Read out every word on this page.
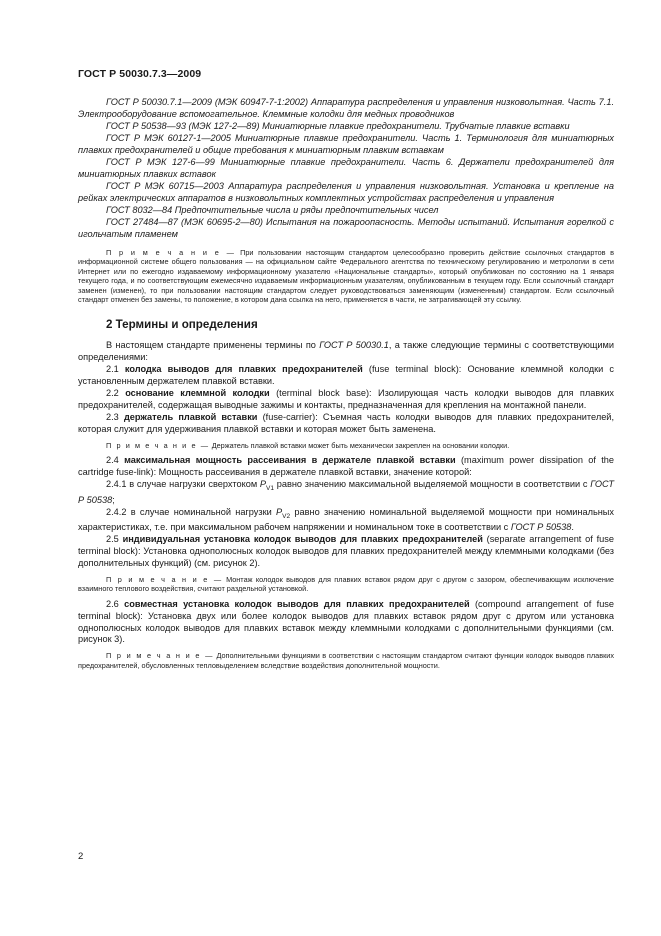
ГОСТ Р 50030.7.3—2009

ГОСТ Р 50030.7.1—2009 (МЭК 60947-7-1:2002) Аппаратура распределения и управления низковольтная. Часть 7.1. Электрооборудование вспомогательное. Клеммные колодки для медных проводников

ГОСТ Р 50538—93 (МЭК 127-2—89) Миниатюрные плавкие предохранители. Трубчатые плавкие вставки

ГОСТ Р МЭК 60127-1—2005 Миниатюрные плавкие предохранители. Часть 1. Терминология для миниатюрных плавких предохранителей и общие требования к миниатюрным плавким вставкам

ГОСТ Р МЭК 127-6—99 Миниатюрные плавкие предохранители. Часть 6. Держатели предохранителей для миниатюрных плавких вставок

ГОСТ Р МЭК 60715—2003 Аппаратура распределения и управления низковольтная. Установка и крепление на рейках электрических аппаратов в низковольтных комплектных устройствах распределения и управления

ГОСТ 8032—84 Предпочтительные числа и ряды предпочтительных чисел

ГОСТ 27484—87 (МЭК 60695-2—80) Испытания на пожароопасность. Методы испытаний. Испытания горелкой с игольчатым пламенем

П р и м е ч а н и е — При пользовании настоящим стандартом целесообразно проверить действие ссылочных стандартов в информационной системе общего пользования — на официальном сайте Федерального агентства по техническому регулированию и метрологии в сети Интернет или по ежегодно издаваемому информационному указателю «Национальные стандарты», который опубликован по состоянию на 1 января текущего года, и по соответствующим ежемесячно издаваемым информационным указателям, опубликованным в текущем году. Если ссылочный стандарт заменен (изменен), то при пользовании настоящим стандартом следует руководствоваться заменяющим (измененным) стандартом. Если ссылочный стандарт отменен без замены, то положение, в котором дана ссылка на него, применяется в части, не затрагивающей эту ссылку.

2 Термины и определения

В настоящем стандарте применены термины по ГОСТ Р 50030.1, а также следующие термины с соответствующими определениями:

2.1 колодка выводов для плавких предохранителей (fuse terminal block): Основание клеммной колодки с установленным держателем плавкой вставки.

2.2 основание клеммной колодки (terminal block base): Изолирующая часть колодки выводов для плавких предохранителей, содержащая выводные зажимы и контакты, предназначенная для крепления на монтажной панели.

2.3 держатель плавкой вставки (fuse-carrier): Съемная часть колодки выводов для плавких предохранителей, которая служит для удерживания плавкой вставки и которая может быть заменена.

П р и м е ч а н и е — Держатель плавкой вставки может быть механически закреплен на основании колодки.

2.4 максимальная мощность рассеивания в держателе плавкой вставки (maximum power dissipation of the cartridge fuse-link): Мощность рассеивания в держателе плавкой вставки, значение которой:

2.4.1 в случае нагрузки сверхтоком $P_{V1}$ равно значению максимальной выделяемой мощности в соответствии с ГОСТ Р 50538;

2.4.2 в случае номинальной нагрузки $P_{V2}$ равно значению номинальной выделяемой мощности при номинальных характеристиках, т.е. при максимальном рабочем напряжении и номинальном токе в соответствии с ГОСТ Р 50538.

2.5 индивидуальная установка колодок выводов для плавких предохранителей (separate arrangement of fuse terminal block): Установка однополюсных колодок выводов для плавких предохранителей между клеммными колодками (без дополнительных функций) (см. рисунок 2).

П р и м е ч а н и е — Монтаж колодок выводов для плавких вставок рядом друг с другом с зазором, обеспечивающим исключение взаимного теплового воздействия, считают раздельной установкой.

2.6 совместная установка колодок выводов для плавких предохранителей (compound arrangement of fuse terminal block): Установка двух или более колодок выводов для плавких вставок рядом друг с другом или установка однополюсных колодок выводов для плавких вставок между клеммными колодками с дополнительными функциями (см. рисунок 3).

П р и м е ч а н и е — Дополнительными функциями в соответствии с настоящим стандартом считают функции колодок выводов плавких предохранителей, обусловленных тепловыделением вследствие воздействия дополнительной мощности.

2
